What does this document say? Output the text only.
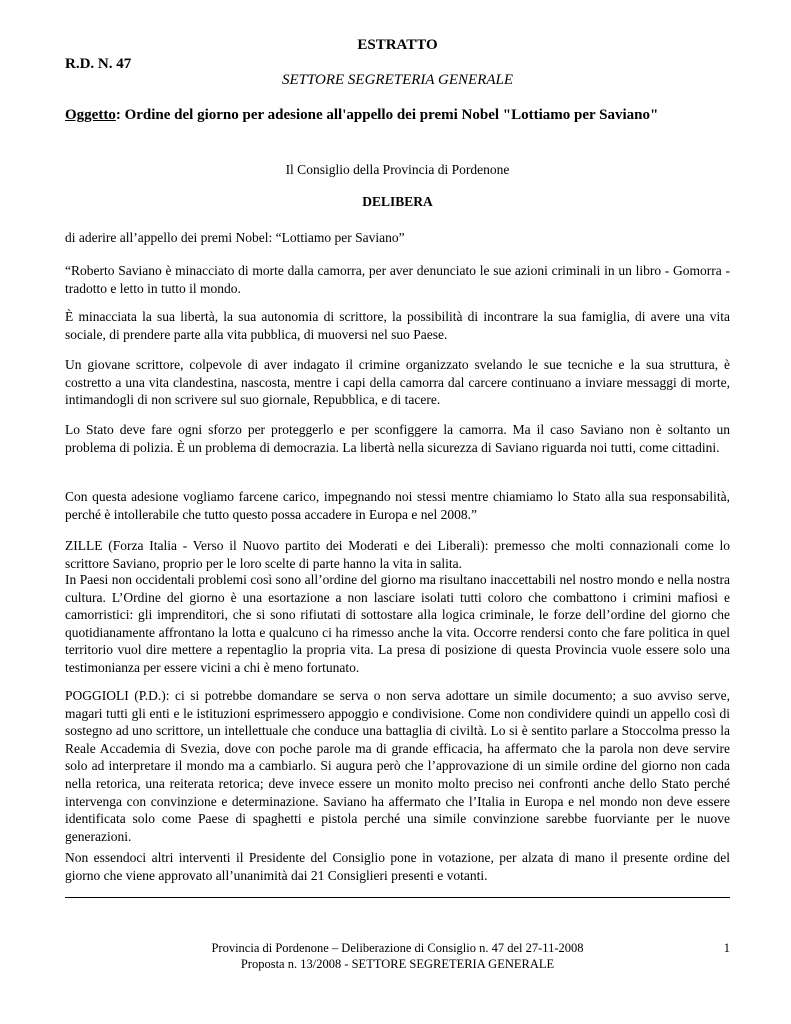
ESTRATTO
R.D. N. 47
SETTORE SEGRETERIA GENERALE
Oggetto: Ordine del giorno per adesione all'appello dei premi Nobel "Lottiamo per Saviano"
Il Consiglio della Provincia di Pordenone
DELIBERA

di aderire all’appello dei premi Nobel: “Lottiamo per Saviano”

“Roberto Saviano è minacciato di morte dalla camorra, per aver denunciato le sue azioni criminali in un libro - Gomorra - tradotto e letto in tutto il mondo.

È minacciata la sua libertà, la sua autonomia di scrittore, la possibilità di incontrare la sua famiglia, di avere una vita sociale, di prendere parte alla vita pubblica, di muoversi nel suo Paese.

Un giovane scrittore, colpevole di aver indagato il crimine organizzato svelando le sue tecniche e la sua struttura, è costretto a una vita clandestina, nascosta, mentre i capi della camorra dal carcere continuano a inviare messaggi di morte, intimandogli di non scrivere sul suo giornale, Repubblica, e di tacere.

Lo Stato deve fare ogni sforzo per proteggerlo e per sconfiggere la camorra. Ma il caso Saviano non è soltanto un problema di polizia. È un problema di democrazia. La libertà nella sicurezza di Saviano riguarda noi tutti, come cittadini.

Con questa adesione vogliamo farcene carico, impegnando noi stessi mentre chiamiamo lo Stato alla sua responsabilità, perché è intollerabile che tutto questo possa accadere in Europa e nel 2008.”

ZILLE (Forza Italia - Verso il Nuovo partito dei Moderati e dei Liberali): premesso che molti connazionali come lo scrittore Saviano, proprio per le loro scelte di parte hanno la vita in salita.

In Paesi non occidentali problemi così sono all’ordine del giorno ma risultano inaccettabili nel nostro mondo e nella nostra cultura. L’Ordine del giorno è una esortazione a non lasciare isolati tutti coloro che combattono i crimini mafiosi e camorristici: gli imprenditori, che si sono rifiutati di sottostare alla logica criminale, le forze dell’ordine del giorno che quotidianamente affrontano la lotta e qualcuno ci ha rimesso anche la vita. Occorre rendersi conto che fare politica in quel territorio vuol dire mettere a repentaglio la propria vita. La presa di posizione di questa Provincia vuole essere solo una testimonianza per essere vicini a chi è meno fortunato.

POGGIOLI (P.D.): ci si potrebbe domandare se serva o non serva adottare un simile documento; a suo avviso serve, magari tutti gli enti e le istituzioni esprimessero appoggio e condivisione. Come non condividere quindi un appello così di sostegno ad uno scrittore, un intellettuale che conduce una battaglia di civiltà. Lo si è sentito parlare a Stoccolma presso la Reale Accademia di Svezia, dove con poche parole ma di grande efficacia, ha affermato che la parola non deve servire solo ad interpretare il mondo ma a cambiarlo. Si augura però che l’approvazione di un simile ordine del giorno non cada nella retorica, una reiterata retorica; deve invece essere un monito molto preciso nei confronti anche dello Stato perché intervenga con convinzione e determinazione. Saviano ha affermato che l’Italia in Europa e nel mondo non deve essere identificata solo come Paese di spaghetti e pistola perché una simile convinzione sarebbe fuorviante per le nuove generazioni.

Non essendoci altri interventi il Presidente del Consiglio pone in votazione, per alzata di mano il presente ordine del giorno che viene approvato all’unanimità dai 21 Consiglieri presenti e votanti.

Provincia di Pordenone – Deliberazione di Consiglio n. 47 del 27-11-2008
Proposta n. 13/2008 - SETTORE SEGRETERIA GENERALE
1
